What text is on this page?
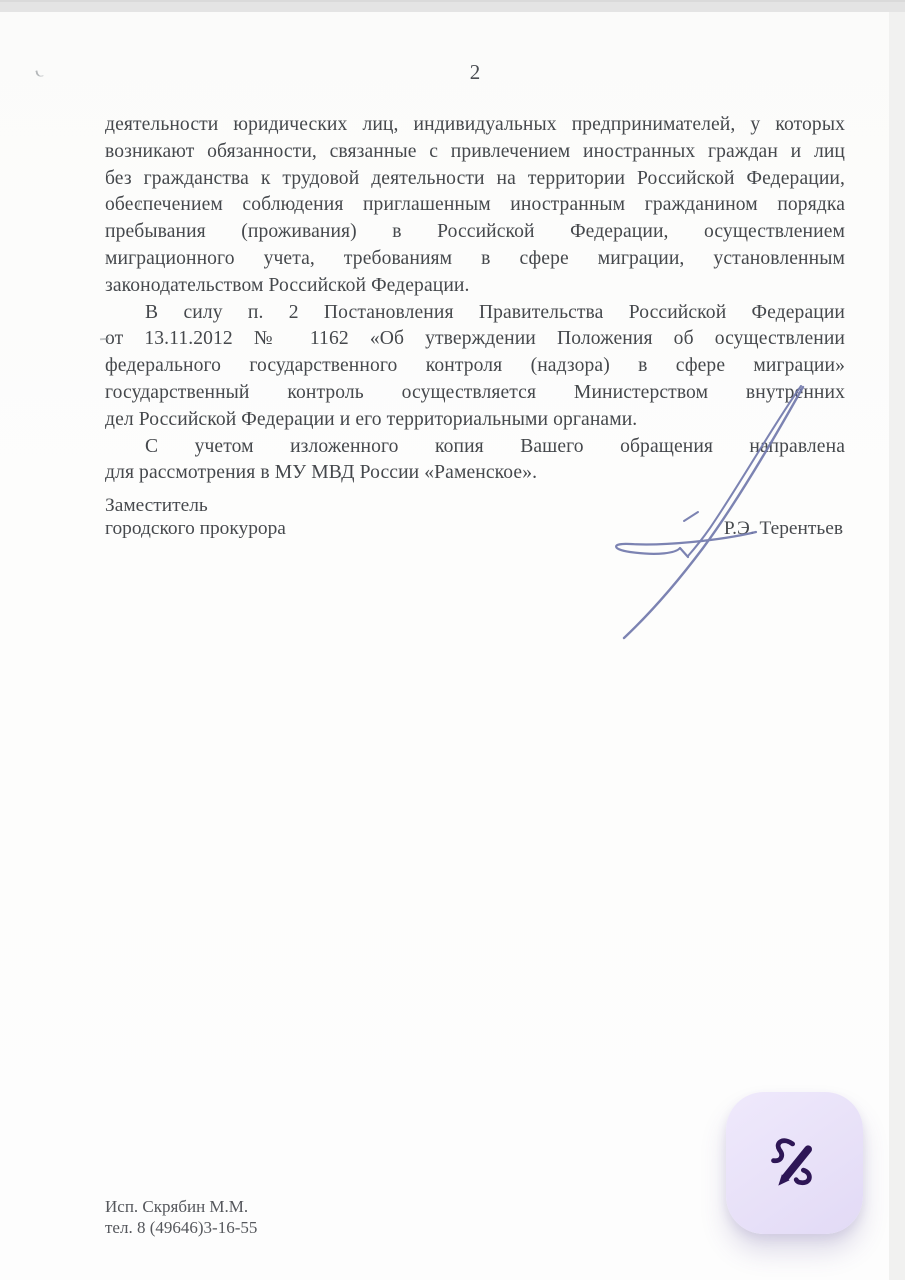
2
деятельности юридических лиц, индивидуальных предпринимателей, у которых
возникают обязанности, связанные с привлечением иностранных граждан и лиц
без гражданства к трудовой деятельности на территории Российской Федерации,
обеспечением соблюдения приглашенным иностранным гражданином порядка
пребывания (проживания) в Российской Федерации, осуществлением
миграционного учета, требованиям в сфере миграции, установленным
законодательством Российской Федерации.
В силу п. 2 Постановления Правительства Российской Федерации
от 13.11.2012 № 1162 «Об утверждении Положения об осуществлении
федерального государственного контроля (надзора) в сфере миграции»
государственный контроль осуществляется Министерством внутренних
дел Российской Федерации и его территориальными органами.
С учетом изложенного копия Вашего обращения направлена
для рассмотрения в МУ МВД России «Раменское».
Заместитель
городского прокурора	Р.Э. Терентьев
Исп. Скрябин М.М.
тел. 8 (49646)3-16-55
